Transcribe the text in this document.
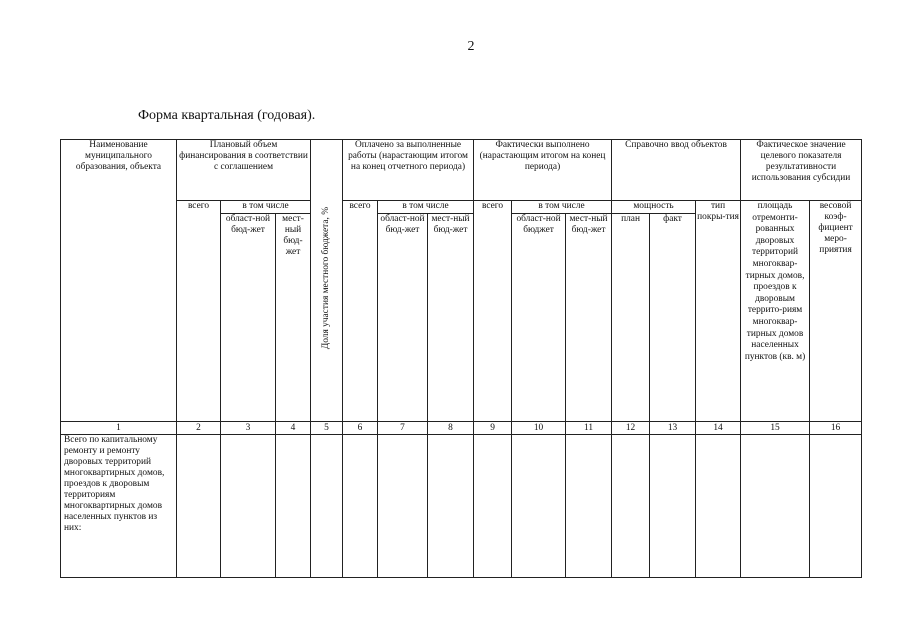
2
Форма квартальная (годовая).
Наименование муниципального образования, объекта	Плановый объем финансирования в соответствии с соглашением			Доля участия местного бюджета, %	Оплачено за выполненные работы (нарастающим итогом на конец отчетного периода)			Фактически выполнено (нарастающим итогом на конец периода)			Справочно ввод объектов			Фактическое значение целевого показателя результативности использования субсидии	
	всего	в том числе			всего	в том числе		всего	в том числе		мощность		тип покры-тия	площадь отремонти-рованных дворовых территорий многоквар-тирных домов, проездов к дворовым террито-риям многоквар-тирных домов населенных пунктов (кв. м)	весовой коэф-фициент меро-приятия
		област-ной бюд-жет	мест-ный бюд-жет			област-ной бюд-жет	мест-ный бюд-жет		област-ной бюджет	мест-ный бюд-жет	план	факт			
1	2	3	4	5	6	7	8	9	10	11	12	13	14	15	16
Всего по капитальному ремонту и ремонту дворовых территорий многоквартирных домов, проездов к дворовым территориям многоквартирных домов населенных пунктов из них:															
